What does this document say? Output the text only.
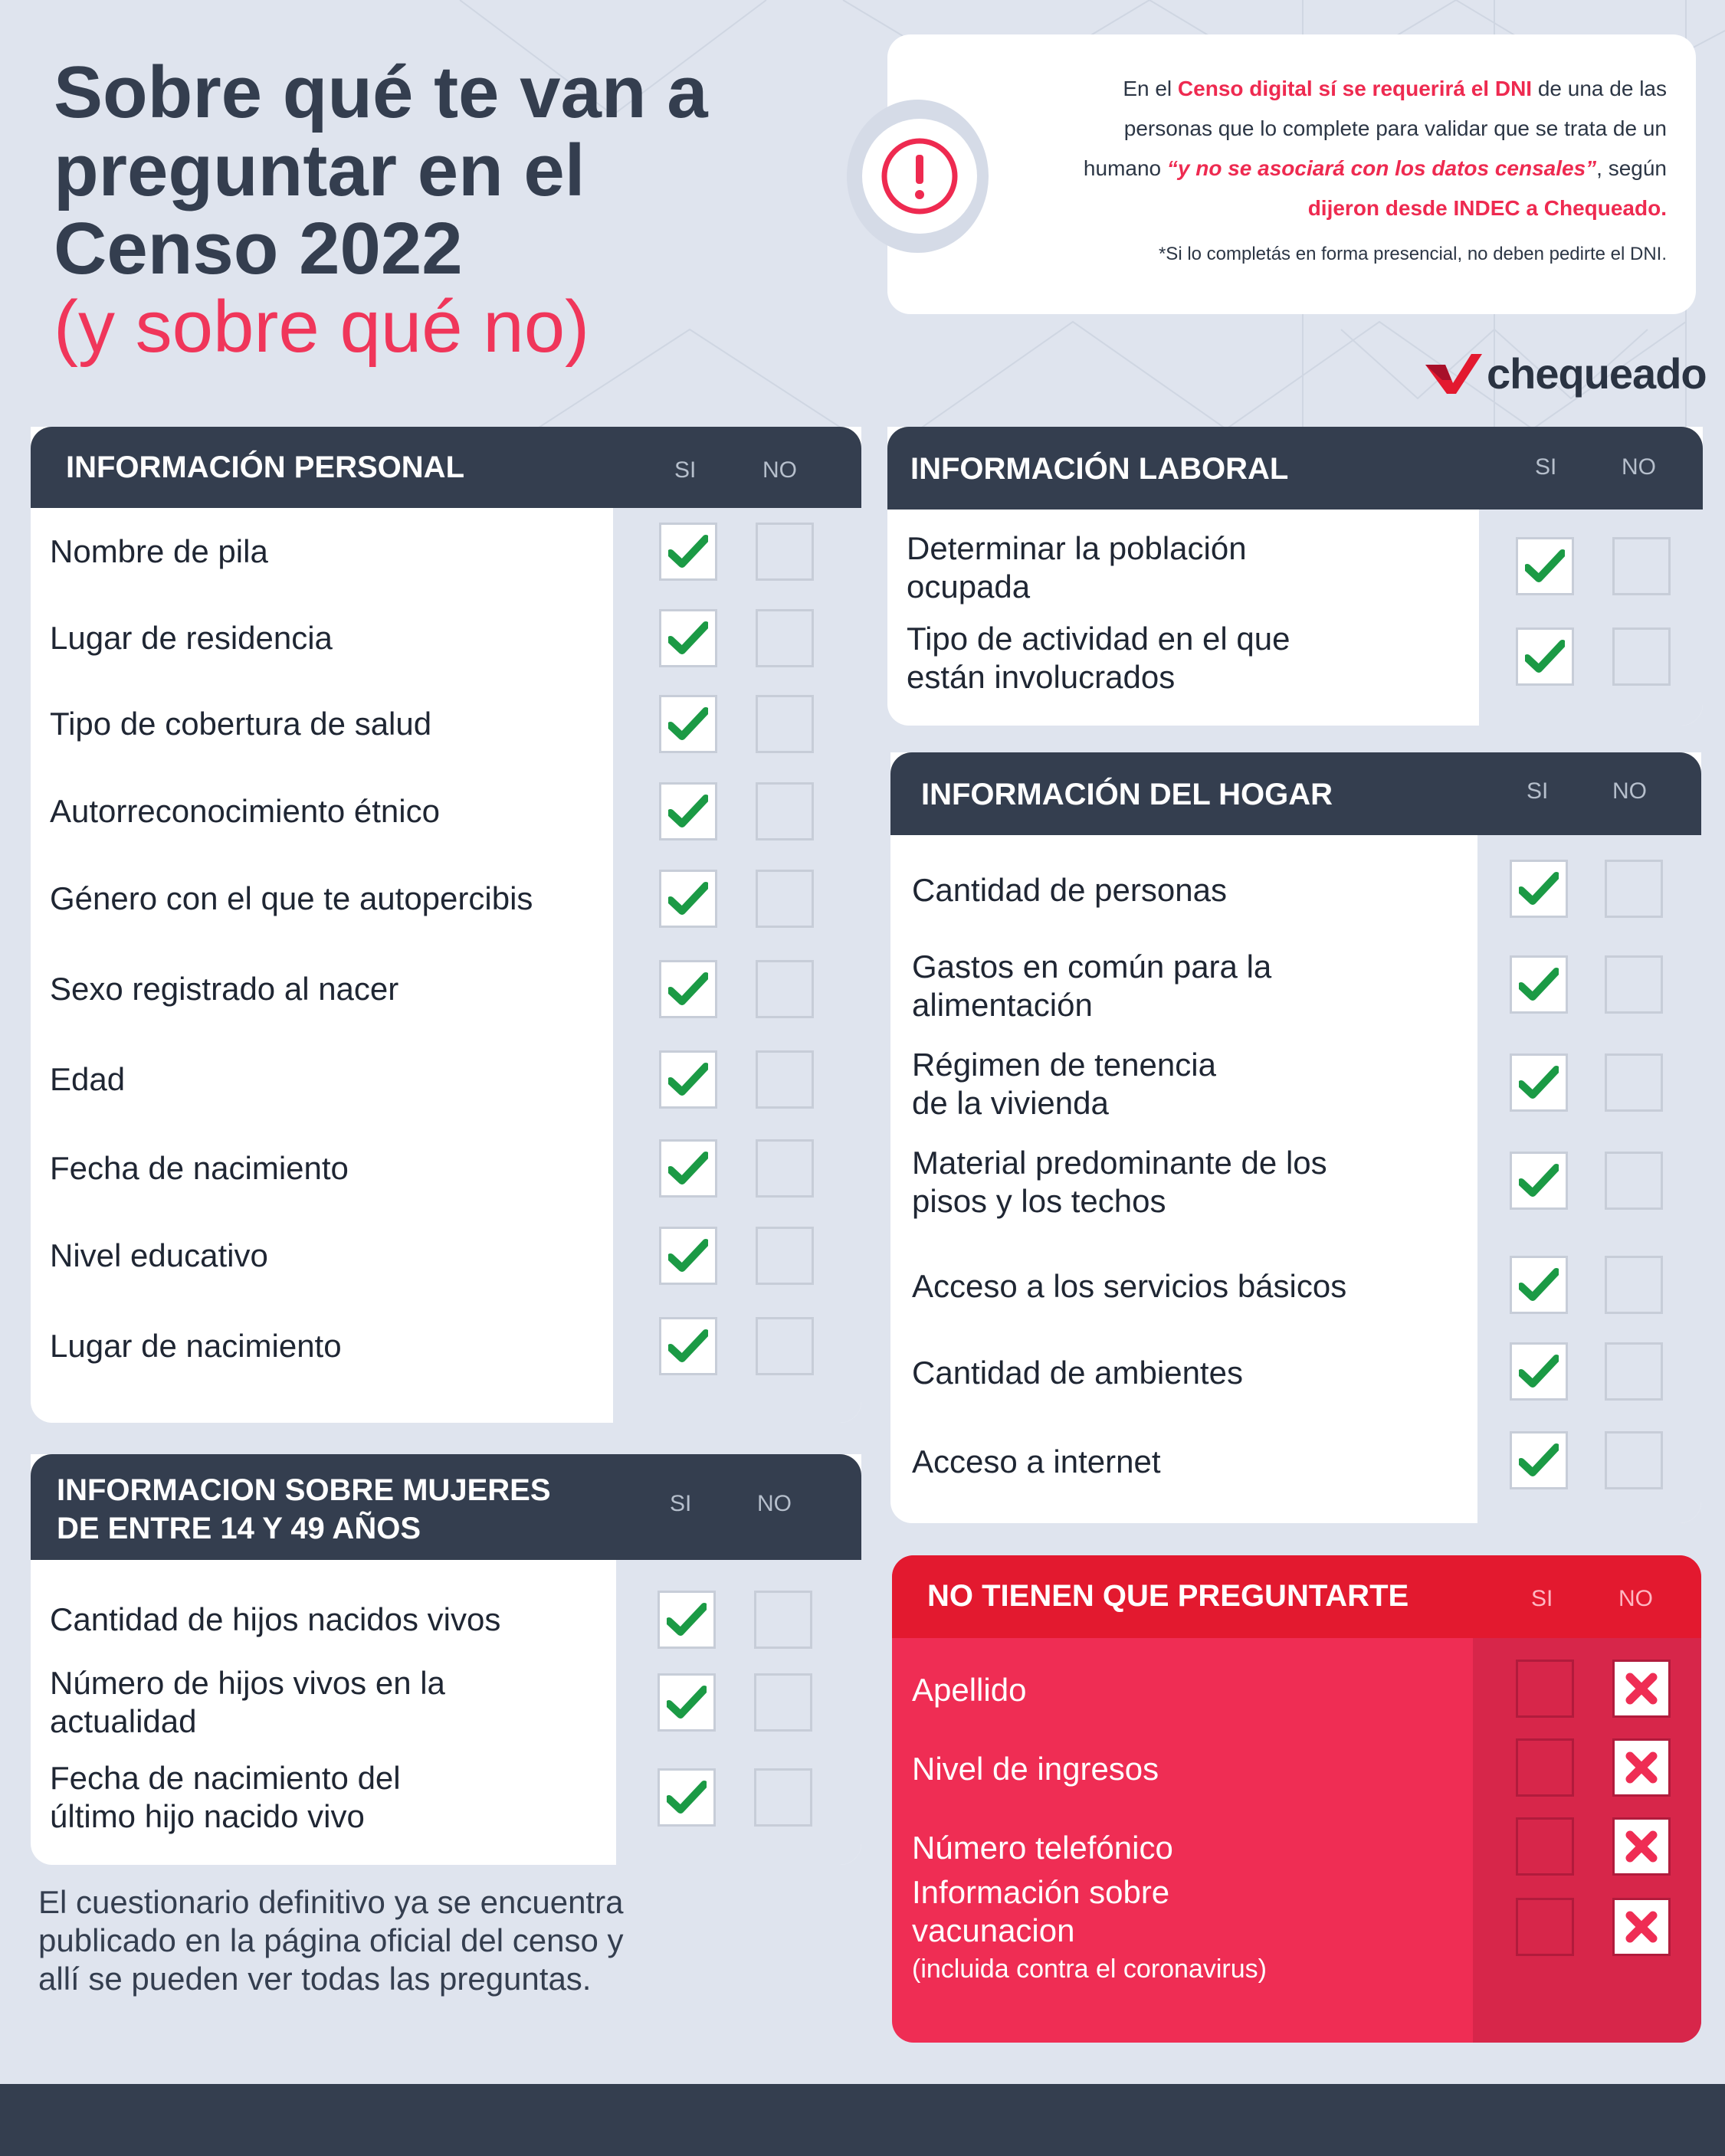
Sobre qué te van a
preguntar en el
Censo 2022
(y sobre qué no)
En el Censo digital sí se requerirá el DNI de una de las personas que lo complete para validar que se trata de un humano “y no se asociará con los datos censales”, según dijeron desde INDEC a Chequeado.
*Si lo completás en forma presencial, no deben pedirte el DNI.
chequeado
INFORMACIÓN PERSONAL	SI	NO
Nombre de pila
Lugar de residencia
Tipo de cobertura de salud
Autorreconocimiento étnico
Género con el que te autopercibis
Sexo registrado al nacer
Edad
Fecha de nacimiento
Nivel educativo
Lugar de nacimiento
INFORMACION SOBRE MUJERES
DE ENTRE 14 Y 49 AÑOS
SI	NO
Cantidad de hijos nacidos vivos
Número de hijos vivos en la
actualidad
Fecha de nacimiento del
último hijo nacido vivo
INFORMACIÓN LABORAL	SI	NO
Determinar la población
ocupada
Tipo de actividad en el que
están involucrados
INFORMACIÓN DEL HOGAR	SI	NO
Cantidad de personas
Gastos en común para la
alimentación
Régimen de tenencia
de la vivienda
Material predominante de los
pisos y los techos
Acceso a los servicios básicos
Cantidad de ambientes
Acceso a internet
NO TIENEN QUE PREGUNTARTE	SI	NO
Apellido
Nivel de ingresos
Número telefónico
Información sobre
vacunacion
(incluida contra el coronavirus)
El cuestionario definitivo ya se encuentra
publicado en la página oficial del censo y
allí se pueden ver todas las preguntas.
